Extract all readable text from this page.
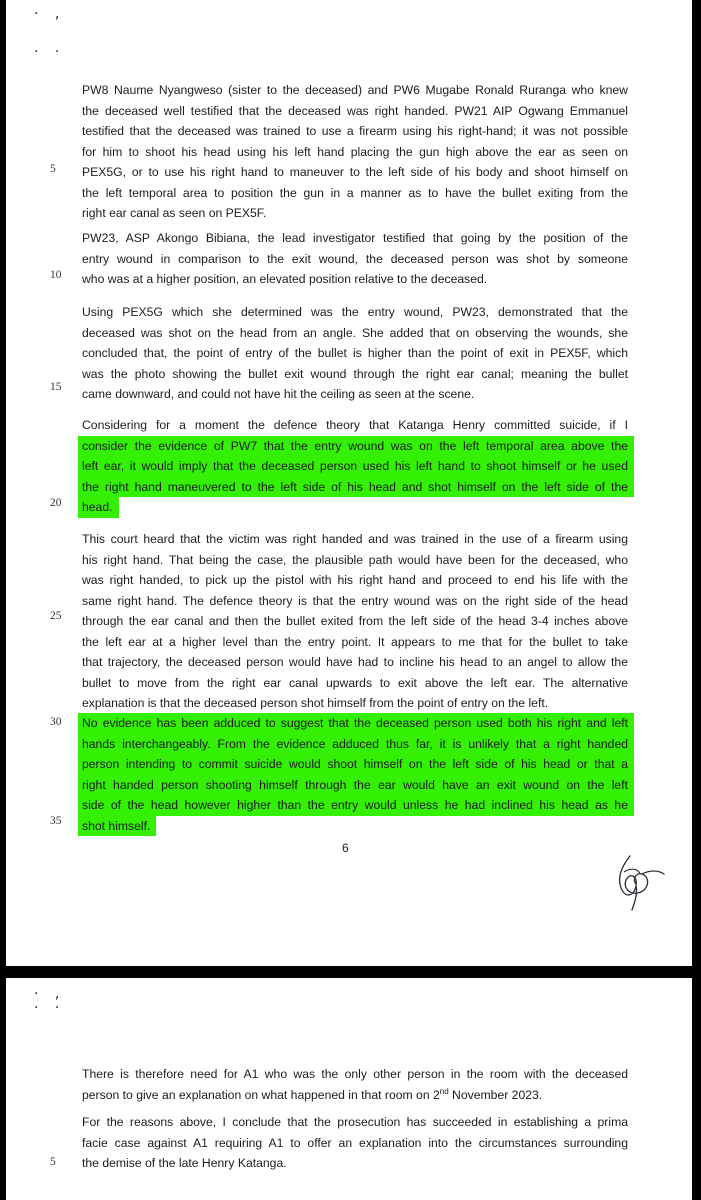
· ,
· ·
PW8 Naume Nyangweso (sister to the deceased) and PW6 Mugabe Ronald Ruranga who knew
the deceased well testified that the deceased was right handed. PW21 AIP Ogwang Emmanuel
testified that the deceased was trained to use a firearm using his right-hand; it was not possible
for him to shoot his head using his left hand placing the gun high above the ear as seen on
PEX5G, or to use his right hand to maneuver to the left side of his body and shoot himself on
the left temporal area to position the gun in a manner as to have the bullet exiting from the
right ear canal as seen on PEX5F.
PW23, ASP Akongo Bibiana, the lead investigator testified that going by the position of the
entry wound in comparison to the exit wound, the deceased person was shot by someone
who was at a higher position, an elevated position relative to the deceased.
Using PEX5G which she determined was the entry wound, PW23, demonstrated that the
deceased was shot on the head from an angle. She added that on observing the wounds, she
concluded that, the point of entry of the bullet is higher than the point of exit in PEX5F, which
was the photo showing the bullet exit wound through the right ear canal; meaning the bullet
came downward, and could not have hit the ceiling as seen at the scene.
Considering for a moment the defence theory that Katanga Henry committed suicide, if I
consider the evidence of PW7 that the entry wound was on the left temporal area above the
left ear, it would imply that the deceased person used his left hand to shoot himself or he used
the right hand maneuvered to the left side of his head and shot himself on the left side of the
head.
This court heard that the victim was right handed and was trained in the use of a firearm using
his right hand. That being the case, the plausible path would have been for the deceased, who
was right handed, to pick up the pistol with his right hand and proceed to end his life with the
same right hand. The defence theory is that the entry wound was on the right side of the head
through the ear canal and then the bullet exited from the left side of the head 3-4 inches above
the left ear at a higher level than the entry point. It appears to me that for the bullet to take
that trajectory, the deceased person would have had to incline his head to an angel to allow the
bullet to move from the right ear canal upwards to exit above the left ear. The alternative
explanation is that the deceased person shot himself from the point of entry on the left.
No evidence has been adduced to suggest that the deceased person used both his right and left
hands interchangeably. From the evidence adduced thus far, it is unlikely that a right handed
person intending to commit suicide would shoot himself on the left side of his head or that a
right handed person shooting himself through the ear would have an exit wound on the left
side of the head however higher than the entry would unless he had inclined his head as he
shot himself.
5
10
15
20
25
30
35
6
· ,
· ·
There is therefore need for A1 who was the only other person in the room with the deceased
person to give an explanation on what happened in that room on 2nd November 2023.
For the reasons above, I conclude that the prosecution has succeeded in establishing a prima
facie case against A1 requiring A1 to offer an explanation into the circumstances surrounding
the demise of the late Henry Katanga.
5
